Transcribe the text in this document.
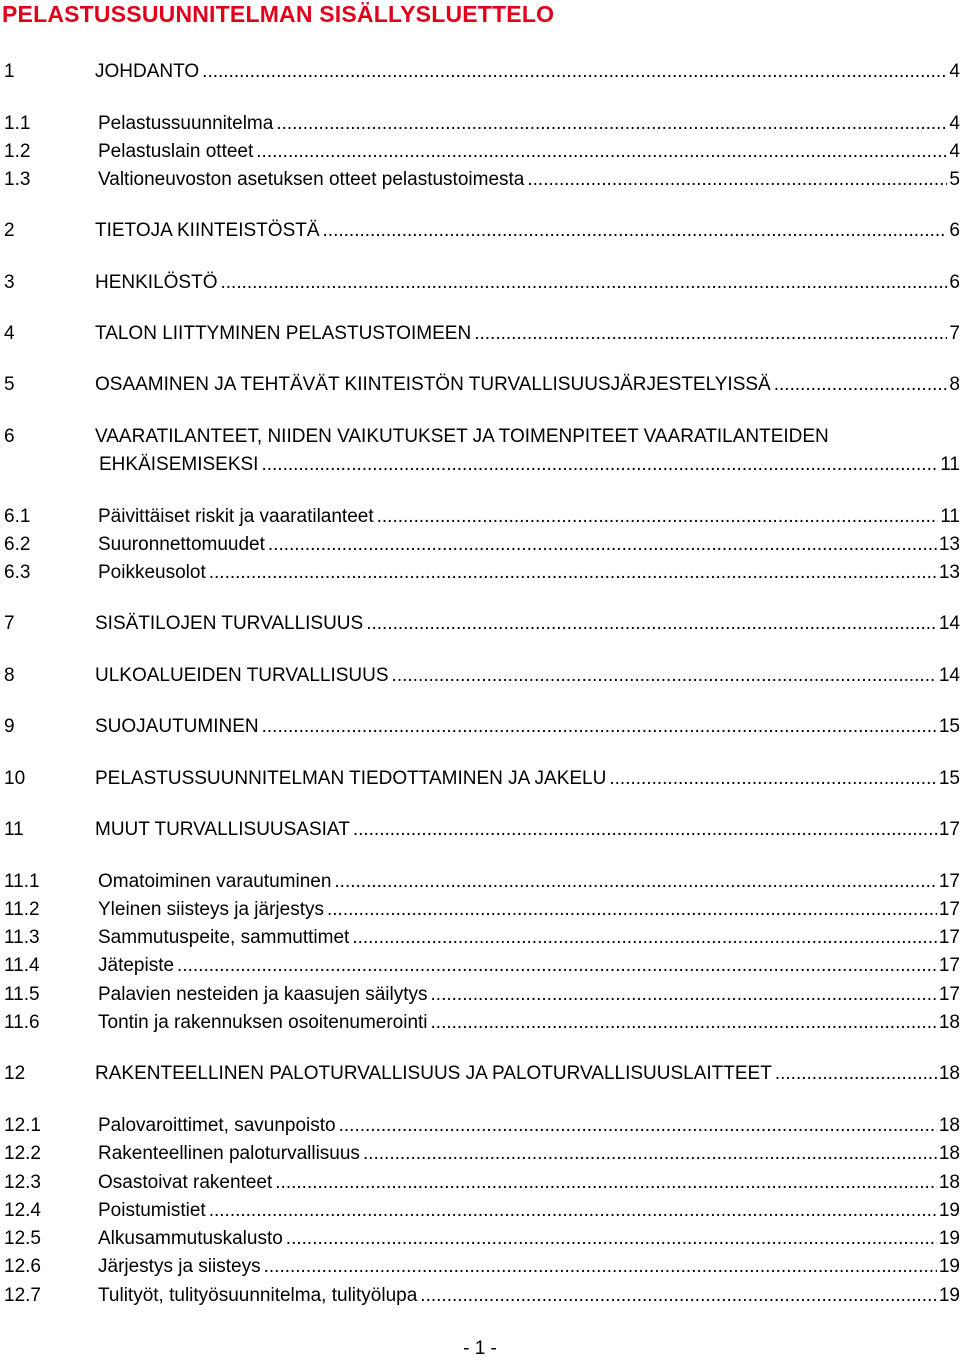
PELASTUSSUUNNITELMAN SISÄLLYSLUETTELO
1	JOHDANTO .....	4
1.1	Pelastussuunnitelma .....	4
1.2	Pelastuslain otteet .....	4
1.3	Valtioneuvoston asetuksen otteet pelastustoimesta .....	5
2	TIETOJA KIINTEISTÖSTÄ .....	6
3	HENKILÖSTÖ .....	6
4	TALON LIITTYMINEN PELASTUSTOIMEEN .....	7
5	OSAAMINEN JA TEHTÄVÄT KIINTEISTÖN TURVALLISUUSJÄRJESTELYISSÄ .....	8
6	VAARATILANTEET, NIIDEN VAIKUTUKSET JA TOIMENPITEET VAARATILANTEIDEN
EHKÄISEMISEKSI .....	11
6.1	Päivittäiset riskit ja vaaratilanteet .....	11
6.2	Suuronnettomuudet .....	13
6.3	Poikkeusolot .....	13
7	SISÄTILOJEN TURVALLISUUS .....	14
8	ULKOALUEIDEN TURVALLISUUS .....	14
9	SUOJAUTUMINEN .....	15
10	PELASTUSSUUNNITELMAN TIEDOTTAMINEN JA JAKELU .....	15
11	MUUT TURVALLISUUSASIAT .....	17
11.1	Omatoiminen varautuminen .....	17
11.2	Yleinen siisteys ja järjestys .....	17
11.3	Sammutuspeite, sammuttimet .....	17
11.4	Jätepiste .....	17
11.5	Palavien nesteiden ja kaasujen säilytys .....	17
11.6	Tontin ja rakennuksen osoitenumerointi .....	18
12	RAKENTEELLINEN PALOTURVALLISUUS JA PALOTURVALLISUUSLAITTEET .....	18
12.1	Palovaroittimet, savunpoisto .....	18
12.2	Rakenteellinen paloturvallisuus .....	18
12.3	Osastoivat rakenteet .....	18
12.4	Poistumistiet .....	19
12.5	Alkusammutuskalusto .....	19
12.6	Järjestys ja siisteys .....	19
12.7	Tulityöt, tulityösuunnitelma, tulityölupa .....	19
- 1 -
